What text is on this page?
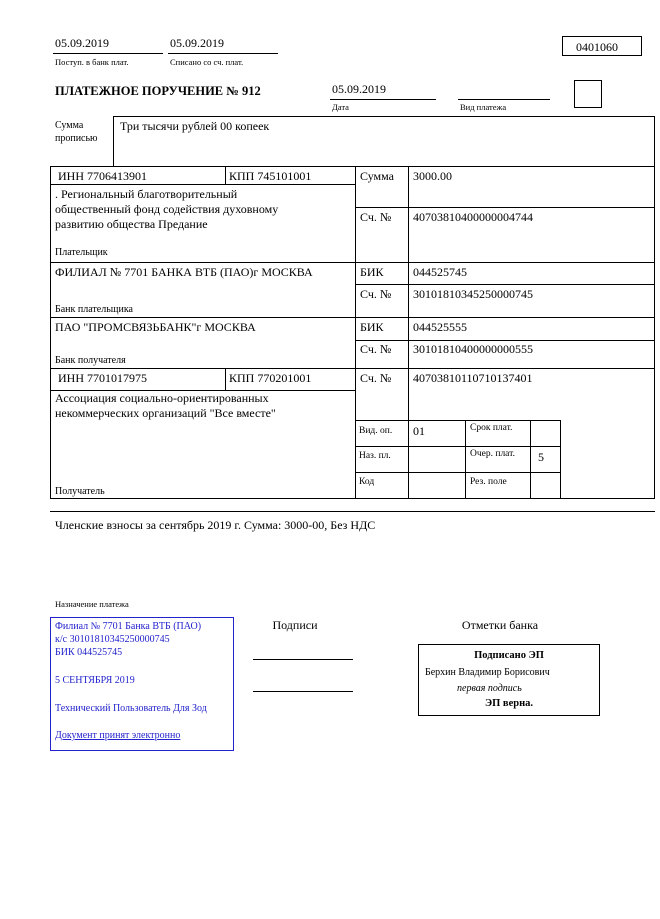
05.09.2019
Поступ. в банк плат.
05.09.2019
Списано со сч. плат.
0401060
ПЛАТЕЖНОЕ ПОРУЧЕНИЕ № 912	05.09.2019
Дата	Вид платежа
Сумма
прописью
Три тысячи рублей 00 копеек
ИНН 7706413901	КПП 745101001	Сумма 3000.00
. Региональный благотворительный общественный фонд содействия духовному развитию общества Предание	Сч. № 40703810400000004744
Плательщик
ФИЛИАЛ № 7701 БАНКА ВТБ (ПАО)г МОСКВА	БИК 044525745
Сч. № 30101810345250000745
Банк плательщика
ПАО "ПРОМСВЯЗЬБАНК"г МОСКВА	БИК 044525555
Сч. № 30101810400000000555
Банк получателя
ИНН 7701017975	КПП 770201001	Сч. № 40703810110710137401
Ассоциация социально-ориентированных некоммерческих организаций "Все вместе"
Получатель
Вид. оп. 01	Срок плат.
Наз. пл.	Очер. плат. 5
Код	Рез. поле
Членские взносы за сентябрь 2019 г. Сумма: 3000-00, Без НДС
Назначение платежа
Филиал № 7701 Банка ВТБ (ПАО)
к/с 30101810345250000745
БИК 044525745
5 СЕНТЯБРЯ 2019
Технический Пользователь Для Зод
Документ принят электронно
Подписи	Отметки банка
Подписано ЭП
Берхин Владимир Борисович
первая подпись
ЭП верна.
